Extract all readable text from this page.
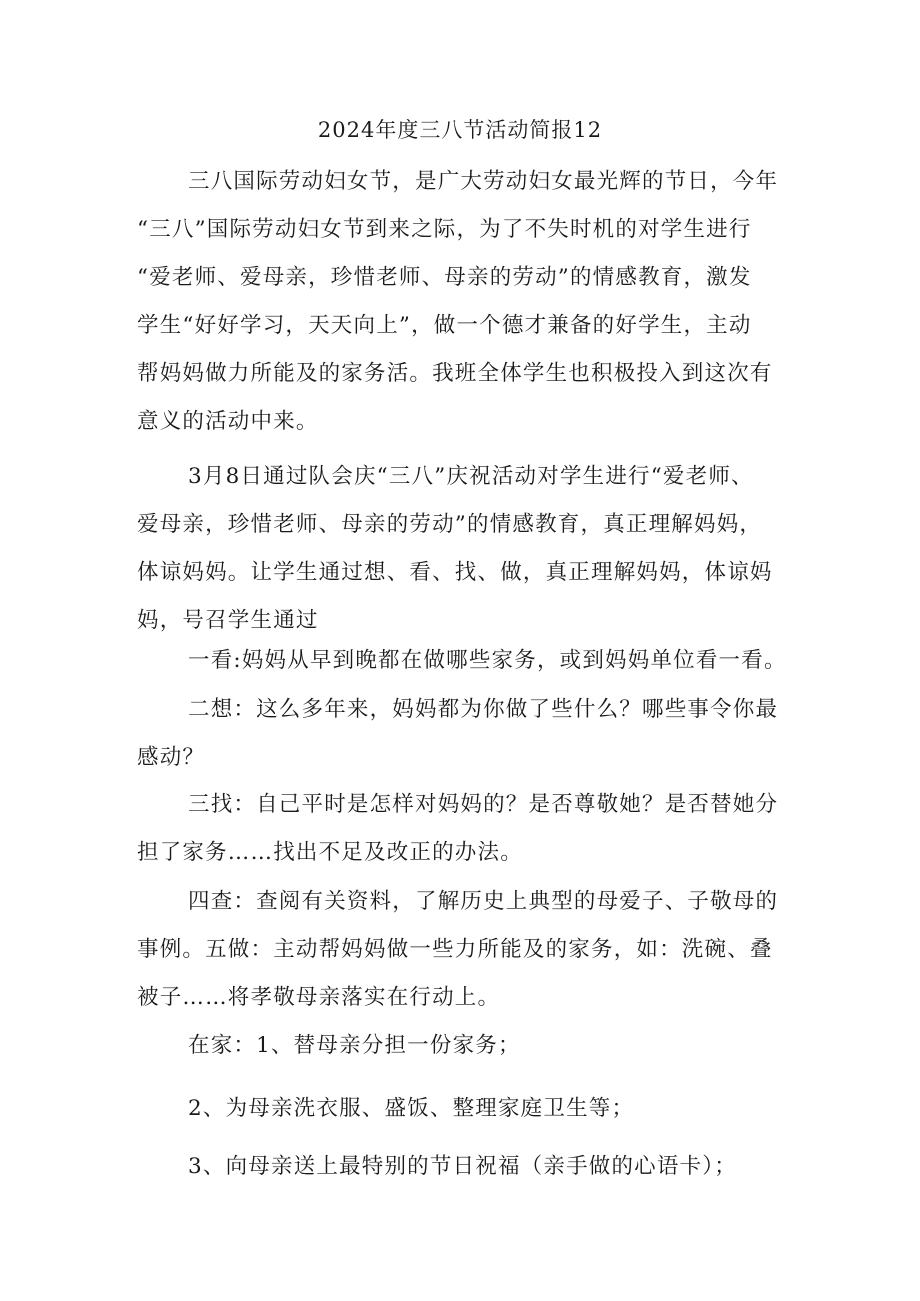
2024年度三八节活动简报12
三八国际劳动妇女节，是广大劳动妇女最光辉的节日，今年
“三八”国际劳动妇女节到来之际，为了不失时机的对学生进行
“爱老师、爱母亲，珍惜老师、母亲的劳动”的情感教育，激发
学生“好好学习，天天向上”，做一个德才兼备的好学生，主动
帮妈妈做力所能及的家务活。我班全体学生也积极投入到这次有
意义的活动中来。
3月8日通过队会庆“三八”庆祝活动对学生进行“爱老师、
爱母亲，珍惜老师、母亲的劳动”的情感教育，真正理解妈妈，
体谅妈妈。让学生通过想、看、找、做，真正理解妈妈，体谅妈
妈，号召学生通过
一看:妈妈从早到晚都在做哪些家务，或到妈妈单位看一看。
二想：这么多年来，妈妈都为你做了些什么？哪些事令你最
感动？
三找：自己平时是怎样对妈妈的？是否尊敬她？是否替她分
担了家务……找出不足及改正的办法。
四查：查阅有关资料，了解历史上典型的母爱子、子敬母的
事例。五做：主动帮妈妈做一些力所能及的家务，如：洗碗、叠
被子……将孝敬母亲落实在行动上。
在家：1、替母亲分担一份家务；
2、为母亲洗衣服、盛饭、整理家庭卫生等；
3、向母亲送上最特别的节日祝福（亲手做的心语卡）；
